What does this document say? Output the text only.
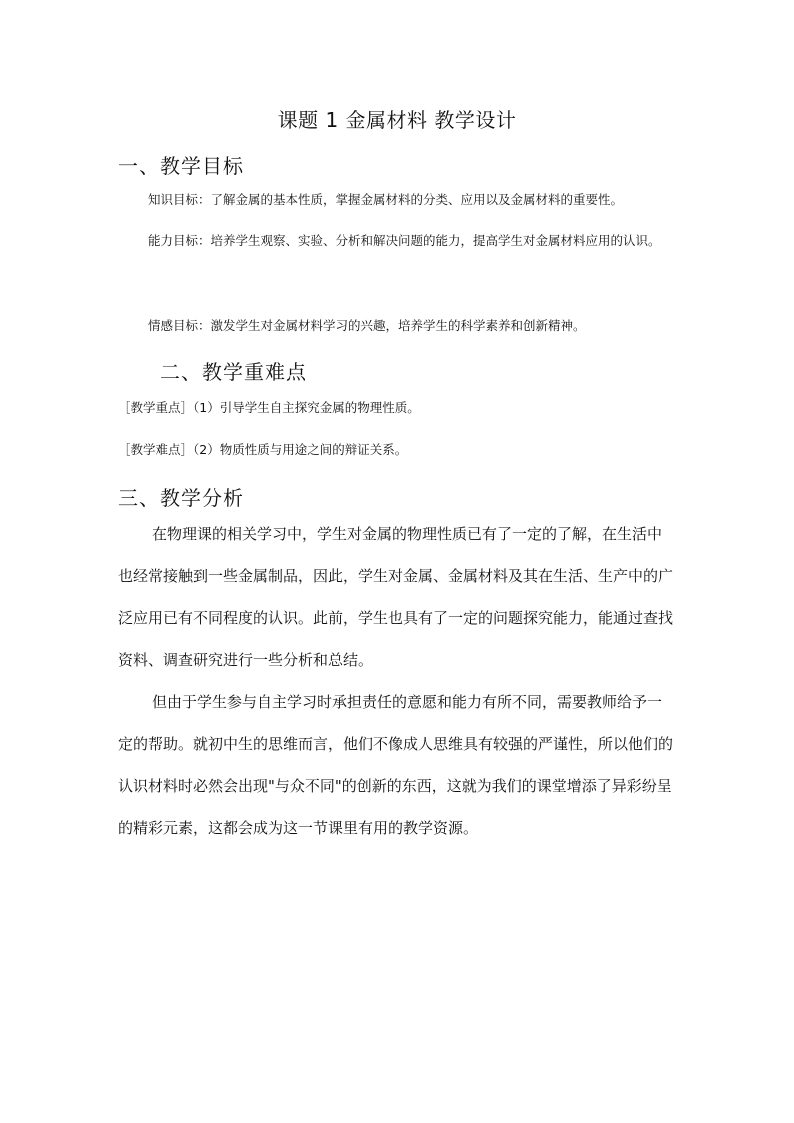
课题 1 金属材料 教学设计
一、教学目标
知识目标：了解金属的基本性质，掌握金属材料的分类、应用以及金属材料的重要性。
能力目标：培养学生观察、实验、分析和解决问题的能力，提高学生对金属材料应用的认识。
情感目标：激发学生对金属材料学习的兴趣，培养学生的科学素养和创新精神。
二、教学重难点
［教学重点］（1）引导学生自主探究金属的物理性质。
［教学难点］（2）物质性质与用途之间的辩证关系。
三、教学分析

在物理课的相关学习中，学生对金属的物理性质已有了一定的了解，在生活中也经常接触到一些金属制品，因此，学生对金属、金属材料及其在生活、生产中的广泛应用已有不同程度的认识。此前，学生也具有了一定的问题探究能力，能通过查找资料、调查研究进行一些分析和总结。

但由于学生参与自主学习时承担责任的意愿和能力有所不同，需要教师给予一定的帮助。就初中生的思维而言，他们不像成人思维具有较强的严谨性，所以他们的认识材料时必然会出现"与众不同"的创新的东西，这就为我们的课堂增添了异彩纷呈的精彩元素，这都会成为这一节课里有用的教学资源。
